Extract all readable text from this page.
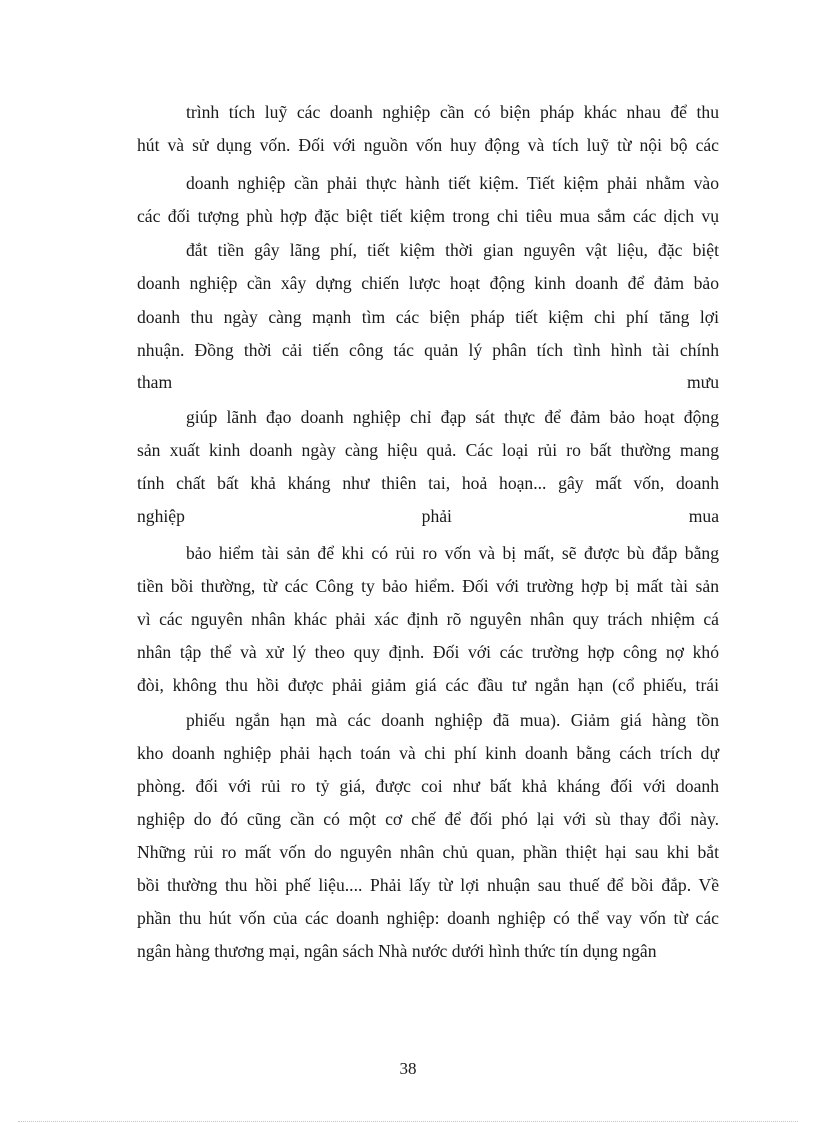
trình tích luỹ các doanh nghiệp cần có biện pháp khác nhau để thu
hút và sử dụng vốn. Đối với nguồn vốn huy động và tích luỹ từ nội bộ các
doanh nghiệp cần phải thực hành tiết kiệm. Tiết kiệm phải nhằm vào
các đối tượng phù hợp đặc biệt tiết kiệm trong chi tiêu mua sắm các dịch vụ
đắt tiền gây lãng phí, tiết kiệm thời gian nguyên vật liệu, đặc biệt
doanh nghiệp cần xây dựng chiến lược hoạt động kinh doanh để đảm bảo
doanh thu ngày càng mạnh tìm các biện pháp tiết kiệm chi phí tăng lợi
nhuận. Đồng thời cải tiến công tác quản lý phân tích tình hình tài chính
tham mưu
giúp lãnh đạo doanh nghiệp chỉ đạp sát thực để đảm bảo hoạt động
sản xuất kinh doanh ngày càng hiệu quả. Các loại rủi ro bất thường mang
tính chất bất khả kháng như thiên tai, hoả hoạn... gây mất vốn, doanh
nghiệp phải mua
bảo hiểm tài sản để khi có rủi ro vốn và bị mất, sẽ được bù đắp bằng
tiền bồi thường, từ các Công ty bảo hiểm. Đối với trường hợp bị mất tài sản
vì các nguyên nhân khác phải xác định rõ nguyên nhân quy trách nhiệm cá
nhân tập thể và xử lý theo quy định. Đối với các trường hợp công nợ khó
đòi, không thu hồi được phải giảm giá các đầu tư ngắn hạn (cổ phiếu, trái
phiếu ngắn hạn mà các doanh nghiệp đã mua). Giảm giá hàng tồn
kho doanh nghiệp phải hạch toán và chi phí kinh doanh bằng cách trích dự
phòng. đối với rủi ro tỷ giá, được coi như bất khả kháng đối với doanh
nghiệp do đó cũng cần có một cơ chế để đối phó lại với sù thay đổi này.
Những rủi ro mất vốn do nguyên nhân chủ quan, phần thiệt hại sau khi bắt
bồi thường thu hồi phế liệu.... Phải lấy từ lợi nhuận sau thuế để bồi đắp. Về
phần thu hút vốn của các doanh nghiệp: doanh nghiệp có thể vay vốn từ các
ngân hàng thương mại, ngân sách Nhà nước dưới hình thức tín dụng ngân
38
